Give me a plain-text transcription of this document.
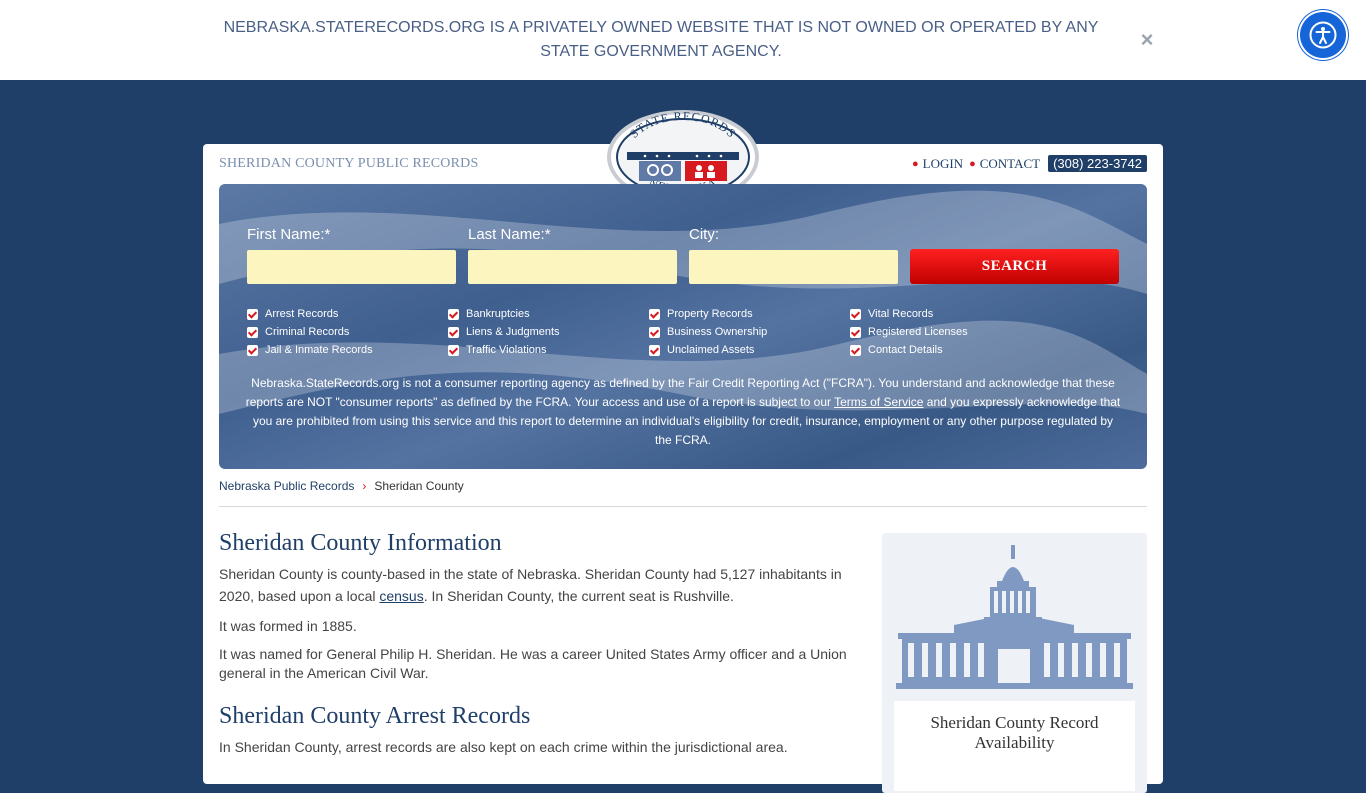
NEBRASKA.STATERECORDS.ORG IS A PRIVATELY OWNED WEBSITE THAT IS NOT OWNED OR OPERATED BY ANY STATE GOVERNMENT AGENCY.	×
SHERIDAN COUNTY PUBLIC RECORDS	● LOGIN ● CONTACT	(308) 223-3742
STATE RECORDS
First Name:*	Last Name:*	City:
SEARCH
Arrest Records
Criminal Records
Jail & Inmate Records
Bankruptcies
Liens & Judgments
Traffic Violations
Property Records
Business Ownership
Unclaimed Assets
Vital Records
Registered Licenses
Contact Details
Nebraska.StateRecords.org is not a consumer reporting agency as defined by the Fair Credit Reporting Act ("FCRA"). You understand and acknowledge that these reports are NOT "consumer reports" as defined by the FCRA. Your access and use of a report is subject to our Terms of Service and you expressly acknowledge that you are prohibited from using this service and this report to determine an individual's eligibility for credit, insurance, employment or any other purpose regulated by the FCRA.
Nebraska Public Records › Sheridan County
Sheridan County Information

Sheridan County is county-based in the state of Nebraska. Sheridan County had 5,127 inhabitants in 2020, based upon a local census. In Sheridan County, the current seat is Rushville.

It was formed in 1885.

It was named for General Philip H. Sheridan. He was a career United States Army officer and a Union general in the American Civil War.

Sheridan County Arrest Records

In Sheridan County, arrest records are also kept on each crime within the jurisdictional area.

Sheridan County Record Availability
